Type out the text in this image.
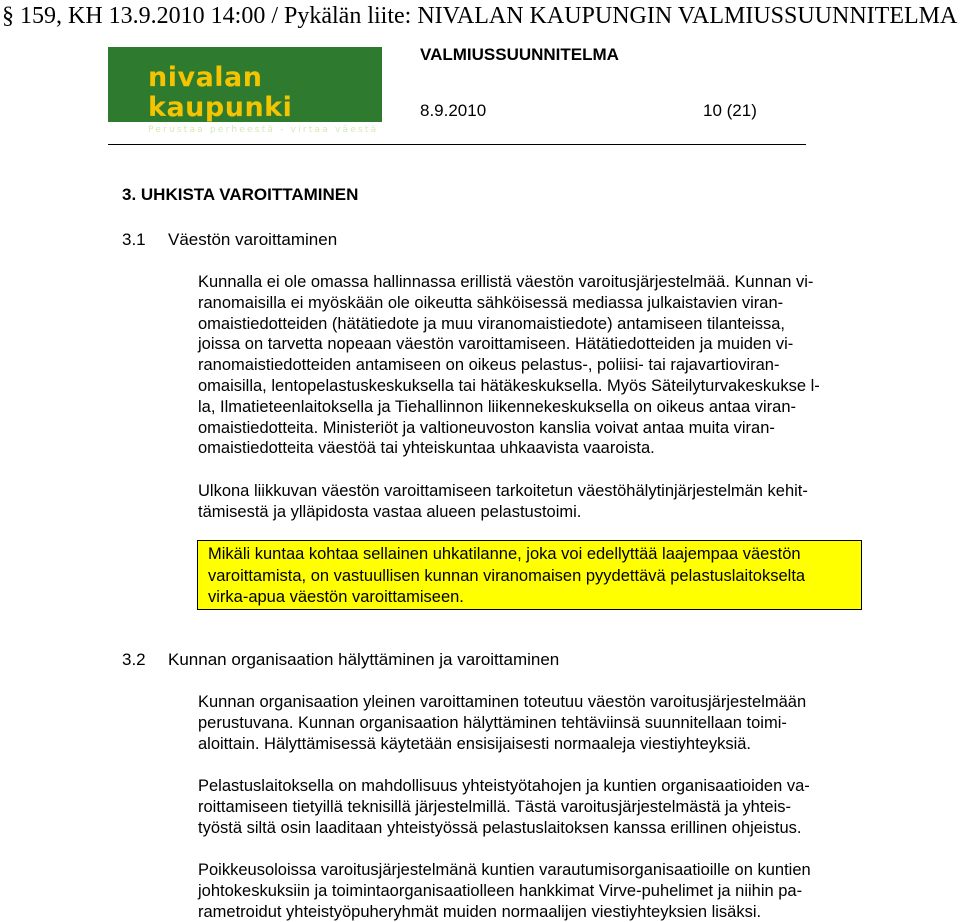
§ 159, KH 13.9.2010 14:00 / Pykälän liite: NIVALAN KAUPUNGIN VALMIUSSUUNNITELMA
nivalan kaupunki
Perustaa perheestä - virtaa väestä
VALMIUSSUUNNITELMA
8.9.2010	10 (21)
3. UHKISTA VAROITTAMINEN
3.1 Väestön varoittaminen
Kunnalla ei ole omassa hallinnassa erillistä väestön varoitusjärjestelmää. Kunnan vi-
ranomaisilla ei myöskään ole oikeutta sähköisessä mediassa julkaistavien viran-
omaistiedotteiden (hätätiedote ja muu viranomaistiedote) antamiseen tilanteissa,
joissa on tarvetta nopeaan väestön varoittamiseen. Hätätiedotteiden ja muiden vi-
ranomaistiedotteiden antamiseen on oikeus pelastus-, poliisi- tai rajavartioviran-
omaisilla, lentopelastuskeskuksella tai hätäkeskuksella. Myös Säteilyturvakeskukse l-
la, Ilmatieteenlaitoksella ja Tiehallinnon liikennekeskuksella on oikeus antaa viran-
omaistiedotteita. Ministeriöt ja valtioneuvoston kanslia voivat antaa muita viran-
omaistiedotteita väestöä tai yhteiskuntaa uhkaavista vaaroista.
Ulkona liikkuvan väestön varoittamiseen tarkoitetun väestöhälytinjärjestelmän kehit-
tämisestä ja ylläpidosta vastaa alueen pelastustoimi.
Mikäli kuntaa kohtaa sellainen uhkatilanne, joka voi edellyttää laajempaa väestön
varoittamista, on vastuullisen kunnan viranomaisen pyydettävä pelastuslaitokselta
virka-apua väestön varoittamiseen.
3.2 Kunnan organisaation hälyttäminen ja varoittaminen
Kunnan organisaation yleinen varoittaminen toteutuu väestön varoitusjärjestelmään
perustuvana. Kunnan organisaation hälyttäminen tehtäviinsä suunnitellaan toimi-
aloittain. Hälyttämisessä käytetään ensisijaisesti normaaleja viestiyhteyksiä.
Pelastuslaitoksella on mahdollisuus yhteistyötahojen ja kuntien organisaatioiden va-
roittamiseen tietyillä teknisillä järjestelmillä. Tästä varoitusjärjestelmästä ja yhteis-
työstä siltä osin laaditaan yhteistyössä pelastuslaitoksen kanssa erillinen ohjeistus.
Poikkeusoloissa varoitusjärjestelmänä kuntien varautumisorganisaatioille on kuntien
johtokeskuksiin ja toimintaorganisaatiolleen hankkimat Virve-puhelimet ja niihin pa-
rametroidut yhteistyöpuheryhmät muiden normaalijen viestiyhteyksien lisäksi.
